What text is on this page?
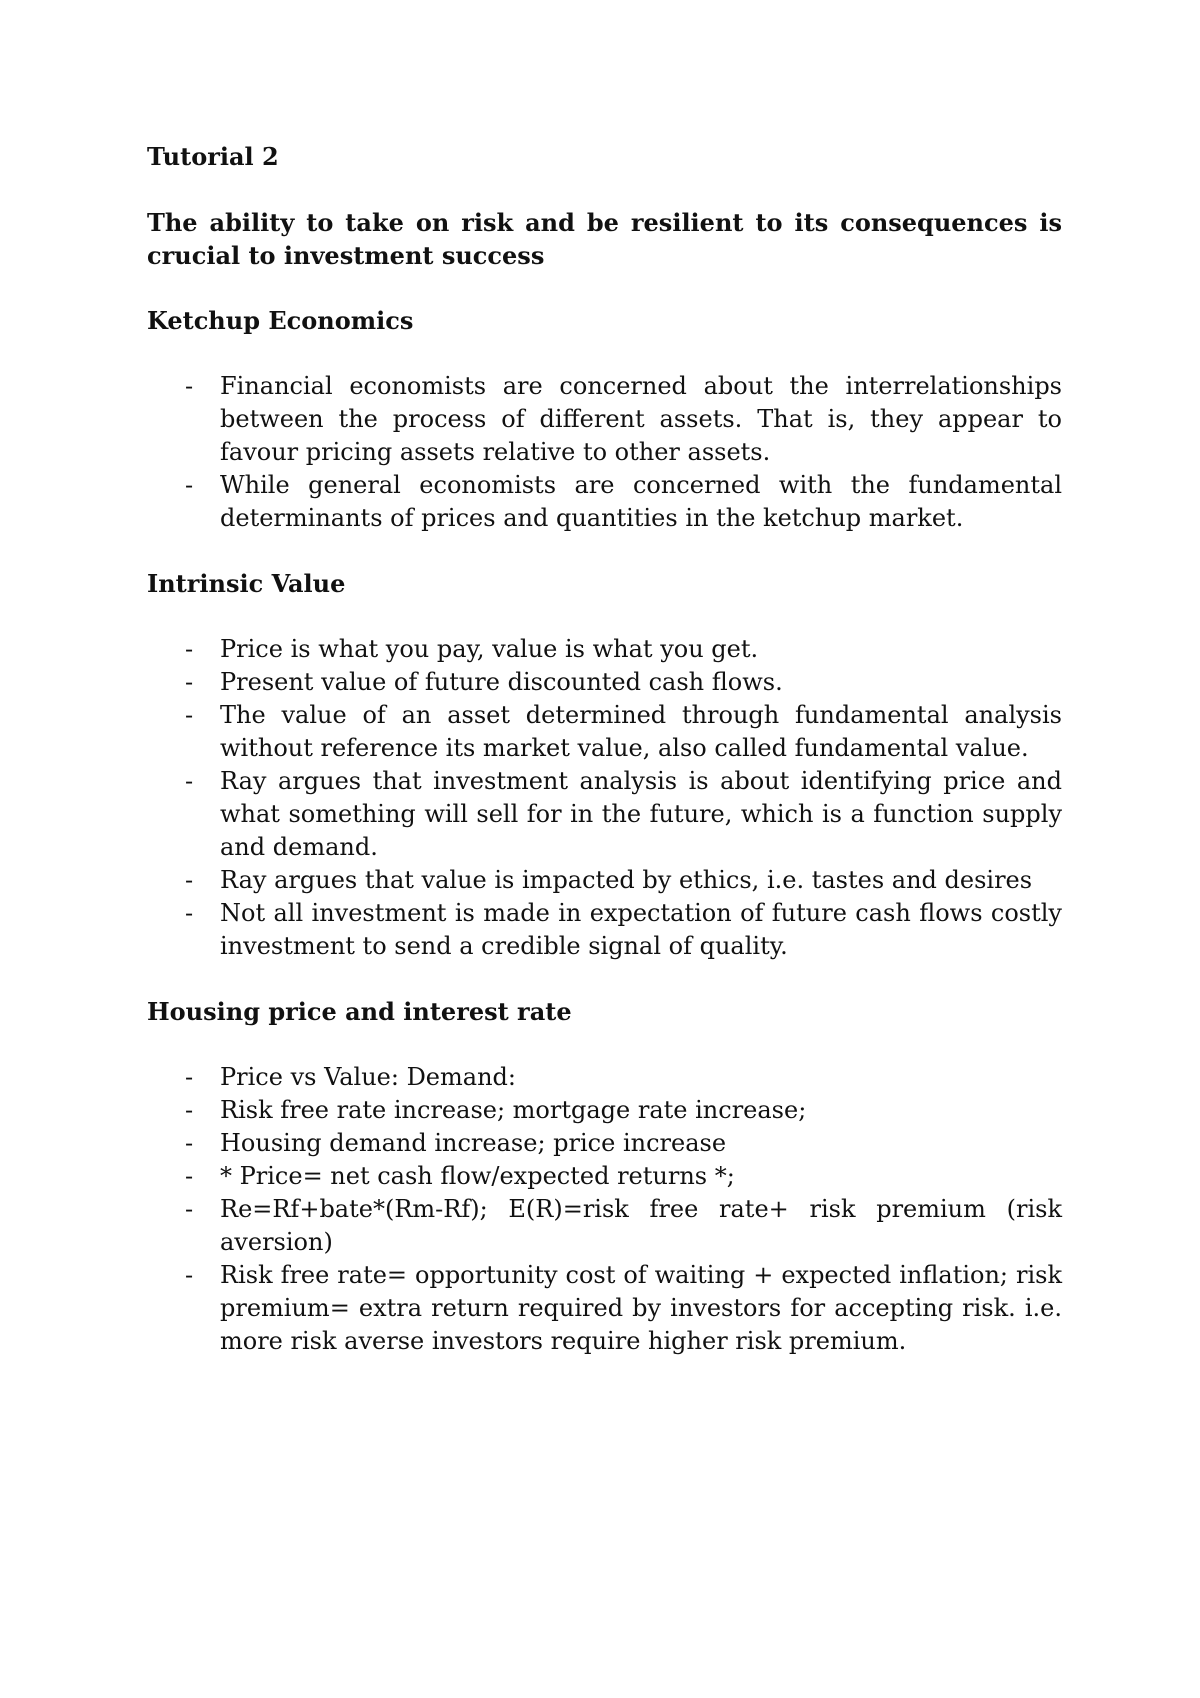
Tutorial 2
The ability to take on risk and be resilient to its consequences is crucial to investment success
Ketchup Economics
- Financial economists are concerned about the interrelationships between the process of different assets. That is, they appear to favour pricing assets relative to other assets.
- While general economists are concerned with the fundamental determinants of prices and quantities in the ketchup market.
Intrinsic Value
- Price is what you pay, value is what you get.
- Present value of future discounted cash flows.
- The value of an asset determined through fundamental analysis without reference its market value, also called fundamental value.
- Ray argues that investment analysis is about identifying price and what something will sell for in the future, which is a function supply and demand.
- Ray argues that value is impacted by ethics, i.e. tastes and desires
- Not all investment is made in expectation of future cash flows costly investment to send a credible signal of quality.
Housing price and interest rate
- Price vs Value: Demand:
- Risk free rate increase; mortgage rate increase;
- Housing demand increase; price increase
- * Price= net cash flow/expected returns *;
- Re=Rf+bate*(Rm-Rf); E(R)=risk free rate+ risk premium (risk aversion)
- Risk free rate= opportunity cost of waiting + expected inflation; risk premium= extra return required by investors for accepting risk. i.e. more risk averse investors require higher risk premium.
